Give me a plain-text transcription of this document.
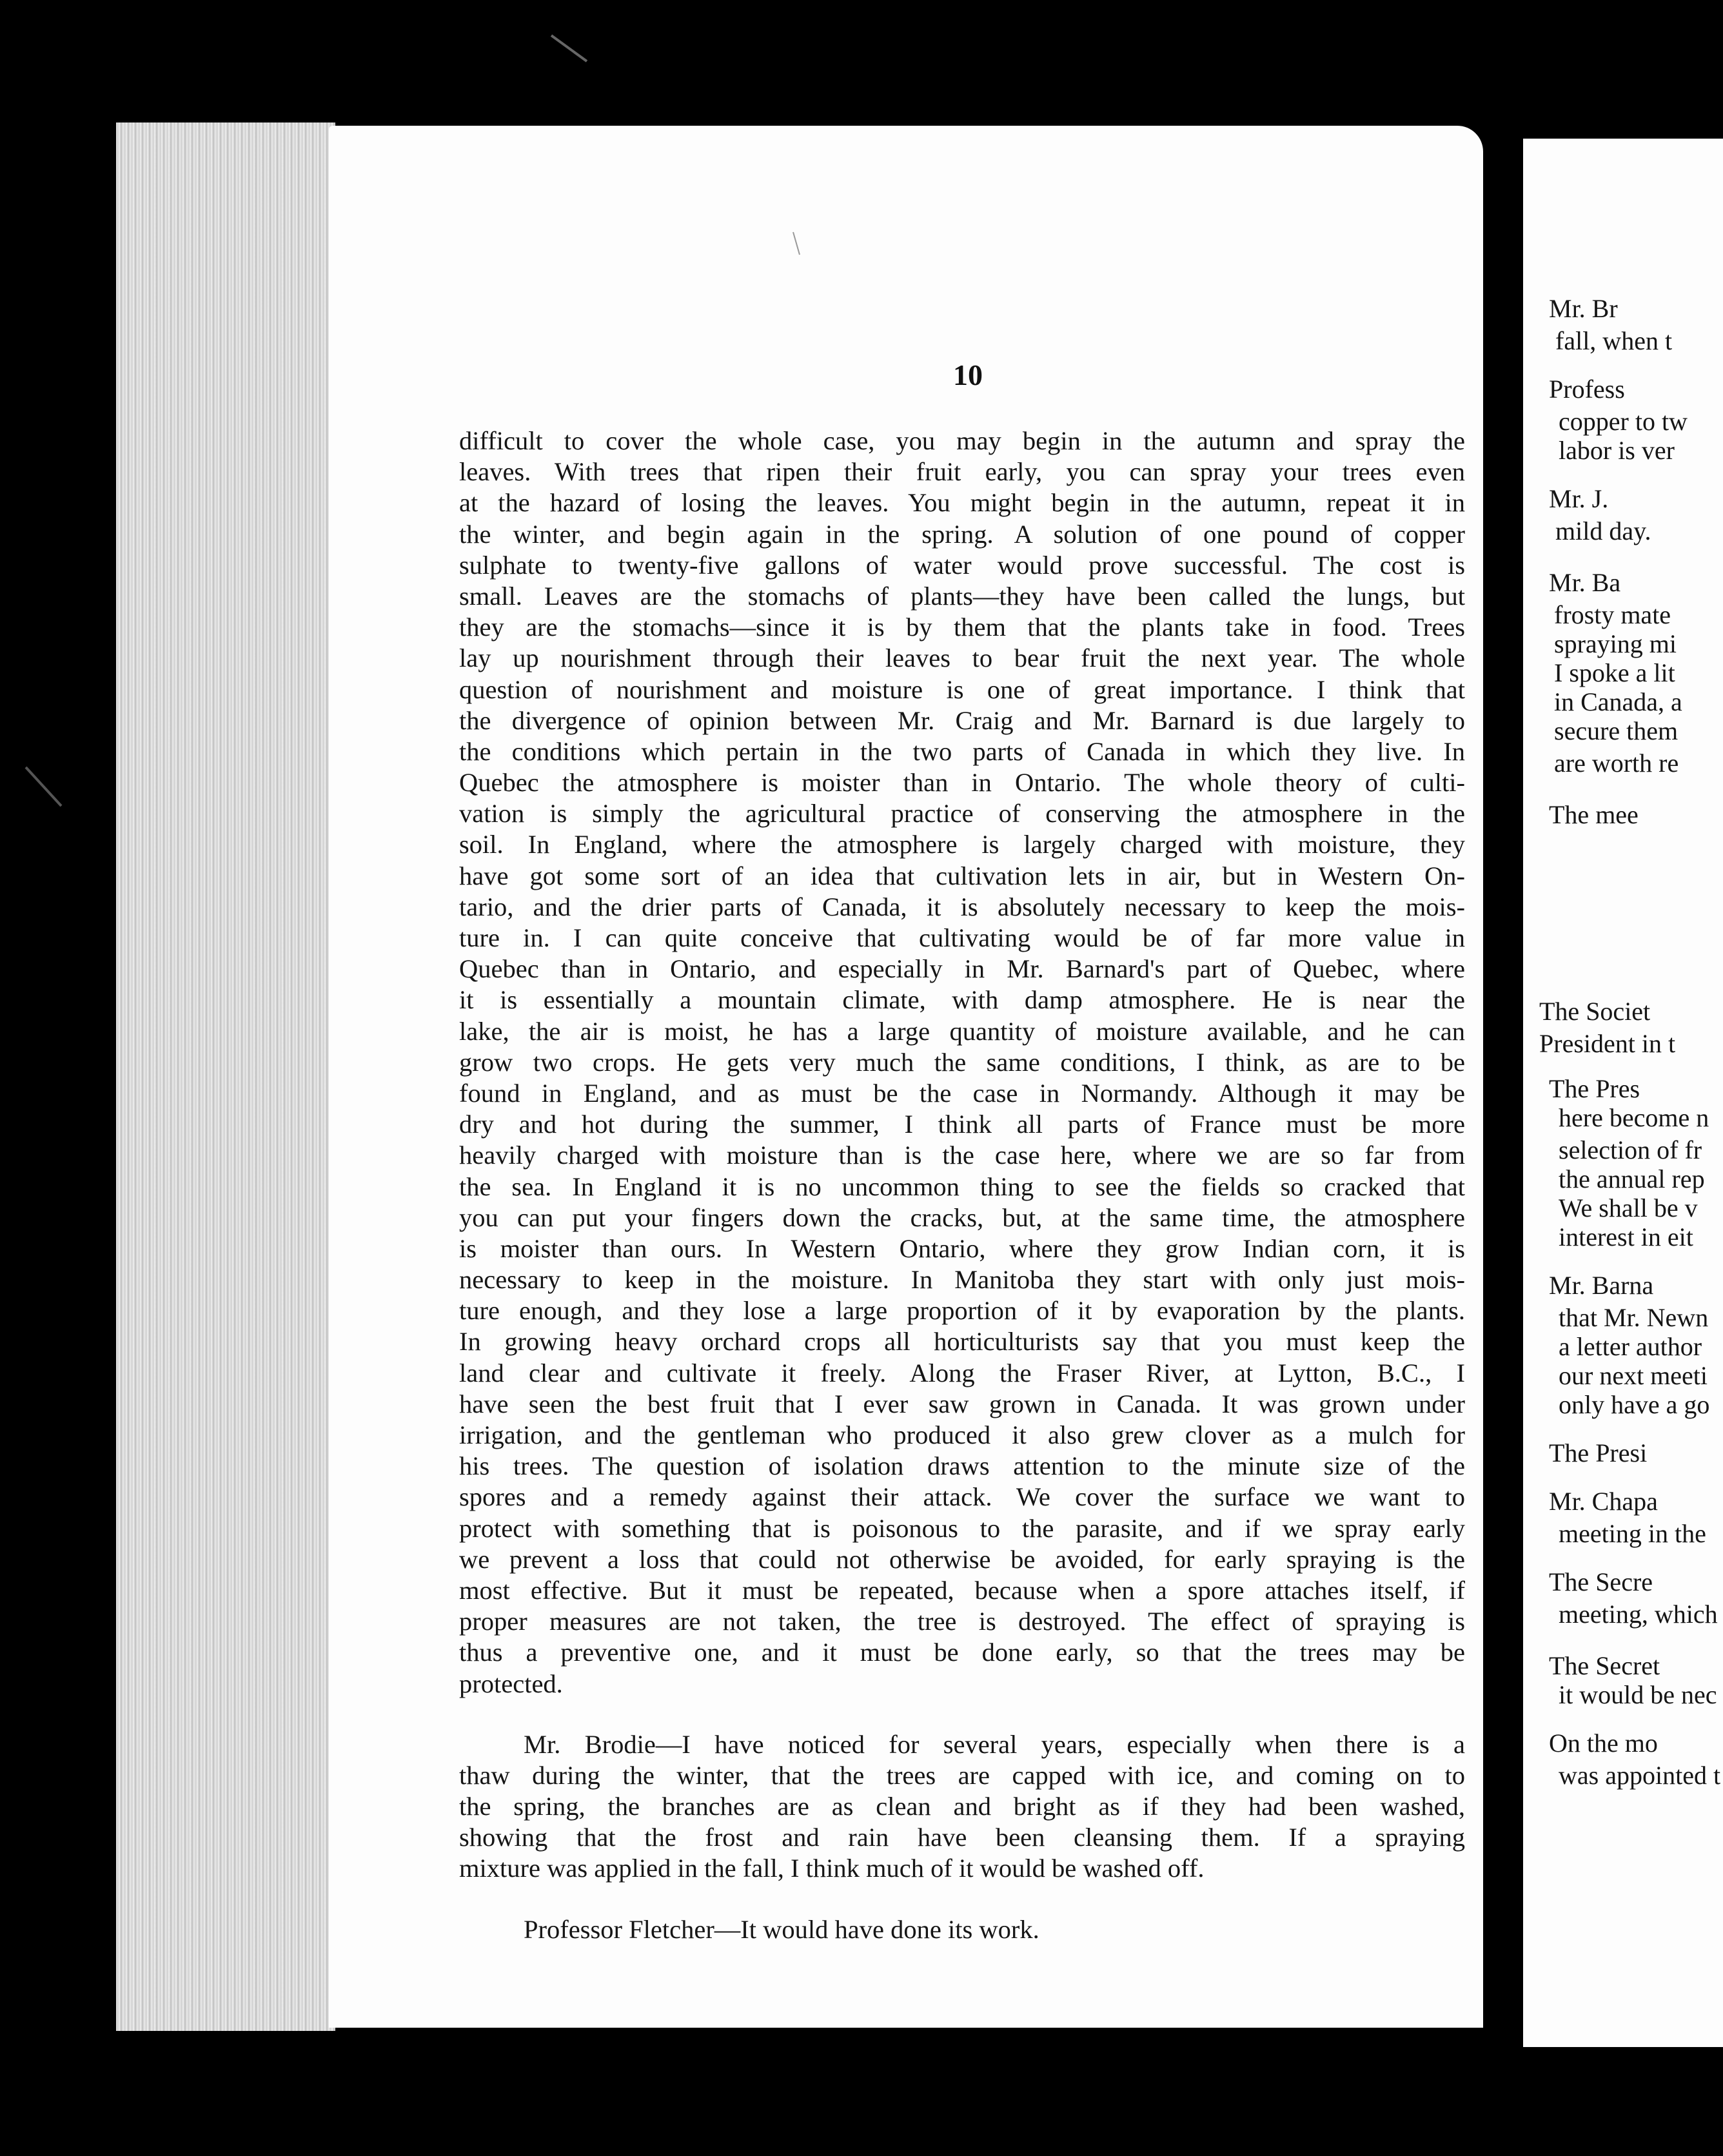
10
difficult to cover the whole case, you may begin in the autumn and spray the
leaves. With trees that ripen their fruit early, you can spray your trees even
at the hazard of losing the leaves. You might begin in the autumn, repeat it in
the winter, and begin again in the spring. A solution of one pound of copper
sulphate to twenty-five gallons of water would prove successful. The cost is
small. Leaves are the stomachs of plants—they have been called the lungs, but
they are the stomachs—since it is by them that the plants take in food. Trees
lay up nourishment through their leaves to bear fruit the next year. The whole
question of nourishment and moisture is one of great importance. I think that
the divergence of opinion between Mr. Craig and Mr. Barnard is due largely to
the conditions which pertain in the two parts of Canada in which they live. In
Quebec the atmosphere is moister than in Ontario. The whole theory of culti-
vation is simply the agricultural practice of conserving the atmosphere in the
soil. In England, where the atmosphere is largely charged with moisture, they
have got some sort of an idea that cultivation lets in air, but in Western On-
tario, and the drier parts of Canada, it is absolutely necessary to keep the mois-
ture in. I can quite conceive that cultivating would be of far more value in
Quebec than in Ontario, and especially in Mr. Barnard's part of Quebec, where
it is essentially a mountain climate, with damp atmosphere. He is near the
lake, the air is moist, he has a large quantity of moisture available, and he can
grow two crops. He gets very much the same conditions, I think, as are to be
found in England, and as must be the case in Normandy. Although it may be
dry and hot during the summer, I think all parts of France must be more
heavily charged with moisture than is the case here, where we are so far from
the sea. In England it is no uncommon thing to see the fields so cracked that
you can put your fingers down the cracks, but, at the same time, the atmosphere
is moister than ours. In Western Ontario, where they grow Indian corn, it is
necessary to keep in the moisture. In Manitoba they start with only just mois-
ture enough, and they lose a large proportion of it by evaporation by the plants.
In growing heavy orchard crops all horticulturists say that you must keep the
land clear and cultivate it freely. Along the Fraser River, at Lytton, B.C., I
have seen the best fruit that I ever saw grown in Canada. It was grown under
irrigation, and the gentleman who produced it also grew clover as a mulch for
his trees. The question of isolation draws attention to the minute size of the
spores and a remedy against their attack. We cover the surface we want to
protect with something that is poisonous to the parasite, and if we spray early
we prevent a loss that could not otherwise be avoided, for early spraying is the
most effective. But it must be repeated, because when a spore attaches itself, if
proper measures are not taken, the tree is destroyed. The effect of spraying is
thus a preventive one, and it must be done early, so that the trees may be
protected.
Mr. Brodie—I have noticed for several years, especially when there is a
thaw during the winter, that the trees are capped with ice, and coming on to
the spring, the branches are as clean and bright as if they had been washed,
showing that the frost and rain have been cleansing them. If a spraying
mixture was applied in the fall, I think much of it would be washed off.
Professor Fletcher—It would have done its work.
Mr. Br
fall, when t
Profess
copper to tw
labor is ver
Mr. J.
mild day.
Mr. Ba
frosty mate
spraying mi
I spoke a lit
in Canada, a
secure them
are worth re
The mee
The Societ
President in t
The Pres
here become n
selection of fr
the annual rep
We shall be v
interest in eit
Mr. Barna
that Mr. Newn
a letter author
our next meeti
only have a go
The Presi
Mr. Chapa
meeting in the
The Secre
meeting, which
The Secret
it would be nec
On the mo
was appointed t
